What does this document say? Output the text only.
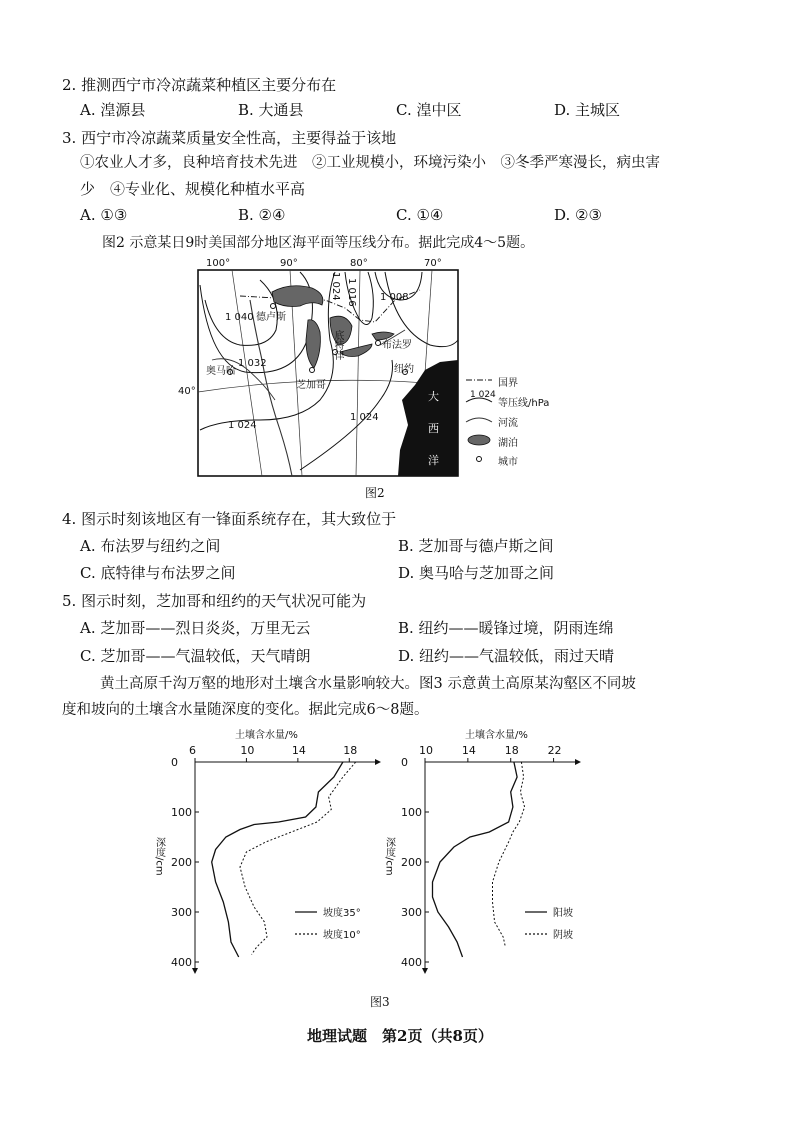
2. 推测西宁市冷凉蔬菜种植区主要分布在
A. 湟源县	B. 大通县	C. 湟中区	D. 主城区
3. 西宁市冷凉蔬菜质量安全性高，主要得益于该地
①农业人才多，良种培育技术先进　②工业规模小，环境污染小　③冬季严寒漫长，病虫害
少　④专业化、规模化种植水平高
A. ①③	B. ②④	C. ①④	D. ②③
图2 示意某日9时美国部分地区海平面等压线分布。据此完成4～5题。
100°	90°	80°	70°
40°
1 040
1 032
1 024 1 016 1 008
1 024
1 024
德卢斯
奥马哈
芝加哥
底特律	布法罗
纽约
大
西
洋
国界
1 024
等压线/hPa
河流
湖泊
城市
图2
4. 图示时刻该地区有一锋面系统存在，其大致位于
A. 布法罗与纽约之间	B. 芝加哥与德卢斯之间
C. 底特律与布法罗之间	D. 奥马哈与芝加哥之间
5. 图示时刻，芝加哥和纽约的天气状况可能为
A. 芝加哥——烈日炎炎，万里无云	B. 纽约——暖锋过境，阴雨连绵
C. 芝加哥——气温较低，天气晴朗	D. 纽约——气温较低，雨过天晴
黄土高原千沟万壑的地形对土壤含水量影响较大。图3 示意黄土高原某沟壑区不同坡
度和坡向的土壤含水量随深度的变化。据此完成6～8题。
土壤含水量/%
6	10	14	18
0
100
200
300
400
深度/cm
坡度35°
坡度10°
土壤含水量/%
10	14	18	22
0
100
200
300
400
深度/cm
阳坡
阴坡
图3
地理试题　第2页（共8页）
